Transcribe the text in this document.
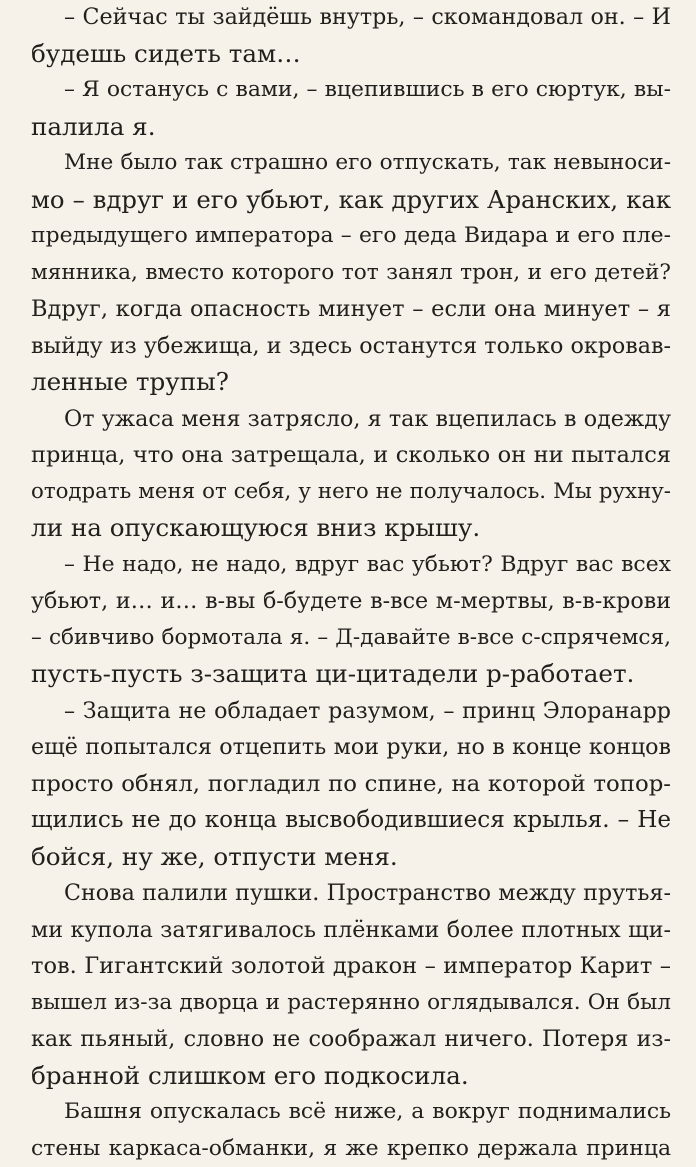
– Сейчас ты зайдёшь внутрь, – скомандовал он. – И
будешь сидеть там…
– Я останусь с вами, – вцепившись в его сюртук, вы-
палила я.
Мне было так страшно его отпускать, так невыноси-
мо – вдруг и его убьют, как других Аранских, как
предыдущего императора – его деда Видара и его пле-
мянника, вместо которого тот занял трон, и его детей?
Вдруг, когда опасность минует – если она минует – я
выйду из убежища, и здесь останутся только окровав-
ленные трупы?
От ужаса меня затрясло, я так вцепилась в одежду
принца, что она затрещала, и сколько он ни пытался
отодрать меня от себя, у него не получалось. Мы рухну-
ли на опускающуюся вниз крышу.
– Не надо, не надо, вдруг вас убьют? Вдруг вас всех
убьют, и… и… в-вы б-будете в-все м-мертвы, в-в-крови
– сбивчиво бормотала я. – Д-давайте в-все с-спрячемся,
пусть-пусть з-защита ци-цитадели р-работает.
– Защита не обладает разумом, – принц Элоранарр
ещё попытался отцепить мои руки, но в конце концов
просто обнял, погладил по спине, на которой топор-
щились не до конца высвободившиеся крылья. – Не
бойся, ну же, отпусти меня.
Снова палили пушки. Пространство между прутья-
ми купола затягивалось плёнками более плотных щи-
тов. Гигантский золотой дракон – император Карит –
вышел из-за дворца и растерянно оглядывался. Он был
как пьяный, словно не соображал ничего. Потеря из-
бранной слишком его подкосила.
Башня опускалась всё ниже, а вокруг поднимались
стены каркаса-обманки, я же крепко держала принца
